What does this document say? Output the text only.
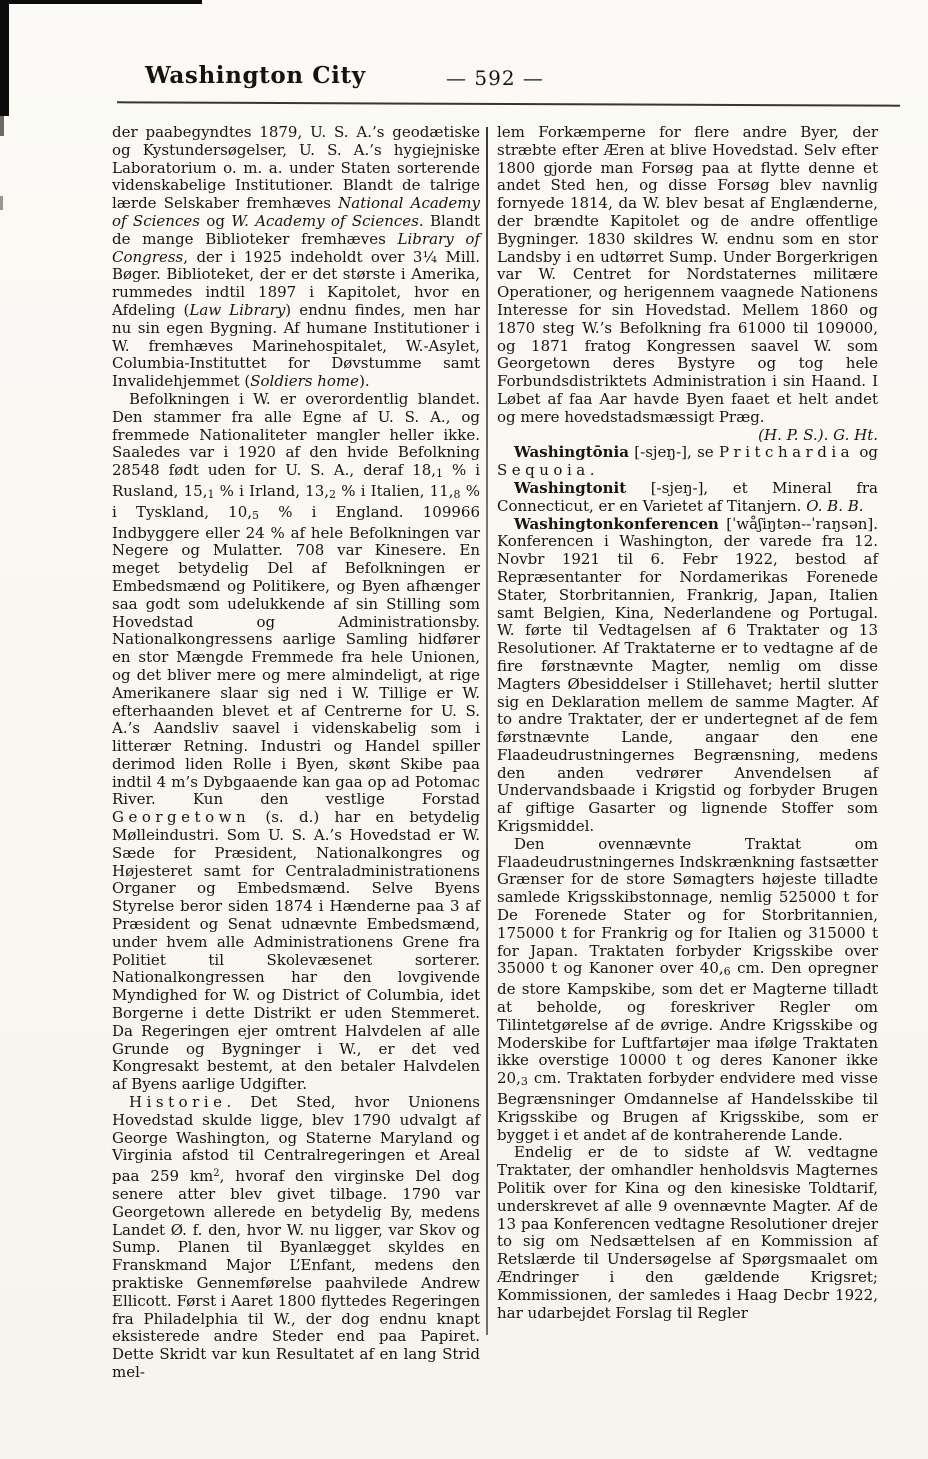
Washington City	— 592 —

der paabegyndtes 1879, U. S. A.’s geodætiske og Kystundersøgelser, U. S. A.’s hygiejniske Laboratorium o. m. a. under Staten sorterende videnskabelige Institutioner. Blandt de talrige lærde Selskaber fremhæves National Academy of Sciences og W. Academy of Sciences. Blandt de mange Biblioteker fremhæves Library of Congress, der i 1925 indeholdt over 3¼ Mill. Bøger. Biblioteket, der er det største i Amerika, rummedes indtil 1897 i Kapitolet, hvor en Afdeling (Law Library) endnu findes, men har nu sin egen Bygning. Af humane Institutioner i W. fremhæves Marinehospitalet, W.-Asylet, Columbia-Instituttet for Døvstumme samt Invalidehjemmet (Soldiers home).

Befolkningen i W. er overordentlig blandet. Den stammer fra alle Egne af U. S. A., og fremmede Nationaliteter mangler heller ikke. Saaledes var i 1920 af den hvide Befolkning 28548 født uden for U. S. A., deraf 18,1 % i Rusland, 15,1 % i Irland, 13,2 % i Italien, 11,8 % i Tyskland, 10,5 % i England. 109966 Indbyggere eller 24 % af hele Befolkningen var Negere og Mulatter. 708 var Kinesere. En meget betydelig Del af Befolkningen er Embedsmænd og Politikere, og Byen afhænger saa godt som udelukkende af sin Stilling som Hovedstad og Administrationsby. Nationalkongressens aarlige Samling hidfører en stor Mængde Fremmede fra hele Unionen, og det bliver mere og mere almindeligt, at rige Amerikanere slaar sig ned i W. Tillige er W. efterhaanden blevet et af Centrerne for U. S. A.’s Aandsliv saavel i videnskabelig som i litterær Retning. Industri og Handel spiller derimod liden Rolle i Byen, skønt Skibe paa indtil 4 m’s Dybgaaende kan gaa op ad Potomac River. Kun den vestlige Forstad Georgetown (s. d.) har en betydelig Mølleindustri. Som U. S. A.’s Hovedstad er W. Sæde for Præsident, Nationalkongres og Højesteret samt for Centraladministrationens Organer og Embedsmænd. Selve Byens Styrelse beror siden 1874 i Hænderne paa 3 af Præsident og Senat udnævnte Embedsmænd, under hvem alle Administrationens Grene fra Politiet til Skolevæsenet sorterer. Nationalkongressen har den lovgivende Myndighed for W. og District of Columbia, idet Borgerne i dette Distrikt er uden Stemmeret. Da Regeringen ejer omtrent Halvdelen af alle Grunde og Bygninger i W., er det ved Kongresakt bestemt, at den betaler Halvdelen af Byens aarlige Udgifter.

Historie. Det Sted, hvor Unionens Hovedstad skulde ligge, blev 1790 udvalgt af George Washington, og Staterne Maryland og Virginia afstod til Centralregeringen et Areal paa 259 $km^2$, hvoraf den virginske Del dog senere atter blev givet tilbage. 1790 var Georgetown allerede en betydelig By, medens Landet Ø. f. den, hvor W. nu ligger, var Skov og Sump. Planen til Byanlægget skyldes en Franskmand Major L’Enfant, medens den praktiske Gennemførelse paahvilede Andrew Ellicott. Først i Aaret 1800 flyttedes Regeringen fra Philadelphia til W., der dog endnu knapt eksisterede andre Steder end paa Papiret. Dette Skridt var kun Resultatet af en lang Strid mel-

lem Forkæmperne for flere andre Byer, der stræbte efter Æren at blive Hovedstad. Selv efter 1800 gjorde man Forsøg paa at flytte denne et andet Sted hen, og disse Forsøg blev navnlig fornyede 1814, da W. blev besat af Englænderne, der brændte Kapitolet og de andre offentlige Bygninger. 1830 skildres W. endnu som en stor Landsby i en udtørret Sump. Under Borgerkrigen var W. Centret for Nordstaternes militære Operationer, og herigennem vaagnede Nationens Interesse for sin Hovedstad. Mellem 1860 og 1870 steg W.’s Befolkning fra 61000 til 109000, og 1871 fratog Kongressen saavel W. som Georgetown deres Bystyre og tog hele Forbundsdistriktets Administration i sin Haand. I Løbet af faa Aar havde Byen faaet et helt andet og mere hovedstadsmæssigt Præg.

(H. P. S.). G. Ht.

Washingtōnia [-sjeŋ-], se Pritchardia og Sequoia.

Washingtonit [-sjeŋ-], et Mineral fra Connecticut, er en Varietet af Titanjern. O. B. B.

Washingtonkonferencen [ˈwåʃiŋtən--ˈraŋsən]. Konferencen i Washington, der varede fra 12. Novbr 1921 til 6. Febr 1922, bestod af Repræsentanter for Nordamerikas Forenede Stater, Storbritannien, Frankrig, Japan, Italien samt Belgien, Kina, Nederlandene og Portugal. W. førte til Vedtagelsen af 6 Traktater og 13 Resolutioner. Af Traktaterne er to vedtagne af de fire førstnævnte Magter, nemlig om disse Magters Øbesiddelser i Stillehavet; hertil slutter sig en Deklaration mellem de samme Magter. Af to andre Traktater, der er undertegnet af de fem førstnævnte Lande, angaar den ene Flaadeudrustningernes Begrænsning, medens den anden vedrører Anvendelsen af Undervandsbaade i Krigstid og forbyder Brugen af giftige Gasarter og lignende Stoffer som Krigsmiddel.

Den ovennævnte Traktat om Flaadeudrustningernes Indskrænkning fastsætter Grænser for de store Sømagters højeste tilladte samlede Krigsskibstonnage, nemlig 525000 t for De Forenede Stater og for Storbritannien, 175000 t for Frankrig og for Italien og 315000 t for Japan. Traktaten forbyder Krigsskibe over 35000 t og Kanoner over 40,6 cm. Den opregner de store Kampskibe, som det er Magterne tilladt at beholde, og foreskriver Regler om Tilintetgørelse af de øvrige. Andre Krigsskibe og Moderskibe for Luftfartøjer maa ifølge Traktaten ikke overstige 10000 t og deres Kanoner ikke 20,3 cm. Traktaten forbyder endvidere med visse Begrænsninger Omdannelse af Handelsskibe til Krigsskibe og Brugen af Krigsskibe, som er bygget i et andet af de kontraherende Lande.

Endelig er de to sidste af W. vedtagne Traktater, der omhandler henholdsvis Magternes Politik over for Kina og den kinesiske Toldtarif, underskrevet af alle 9 ovennævnte Magter. Af de 13 paa Konferencen vedtagne Resolutioner drejer to sig om Nedsættelsen af en Kommission af Retslærde til Undersøgelse af Spørgsmaalet om Ændringer i den gældende Krigsret; Kommissionen, der samledes i Haag Decbr 1922, har udarbejdet Forslag til Regler
